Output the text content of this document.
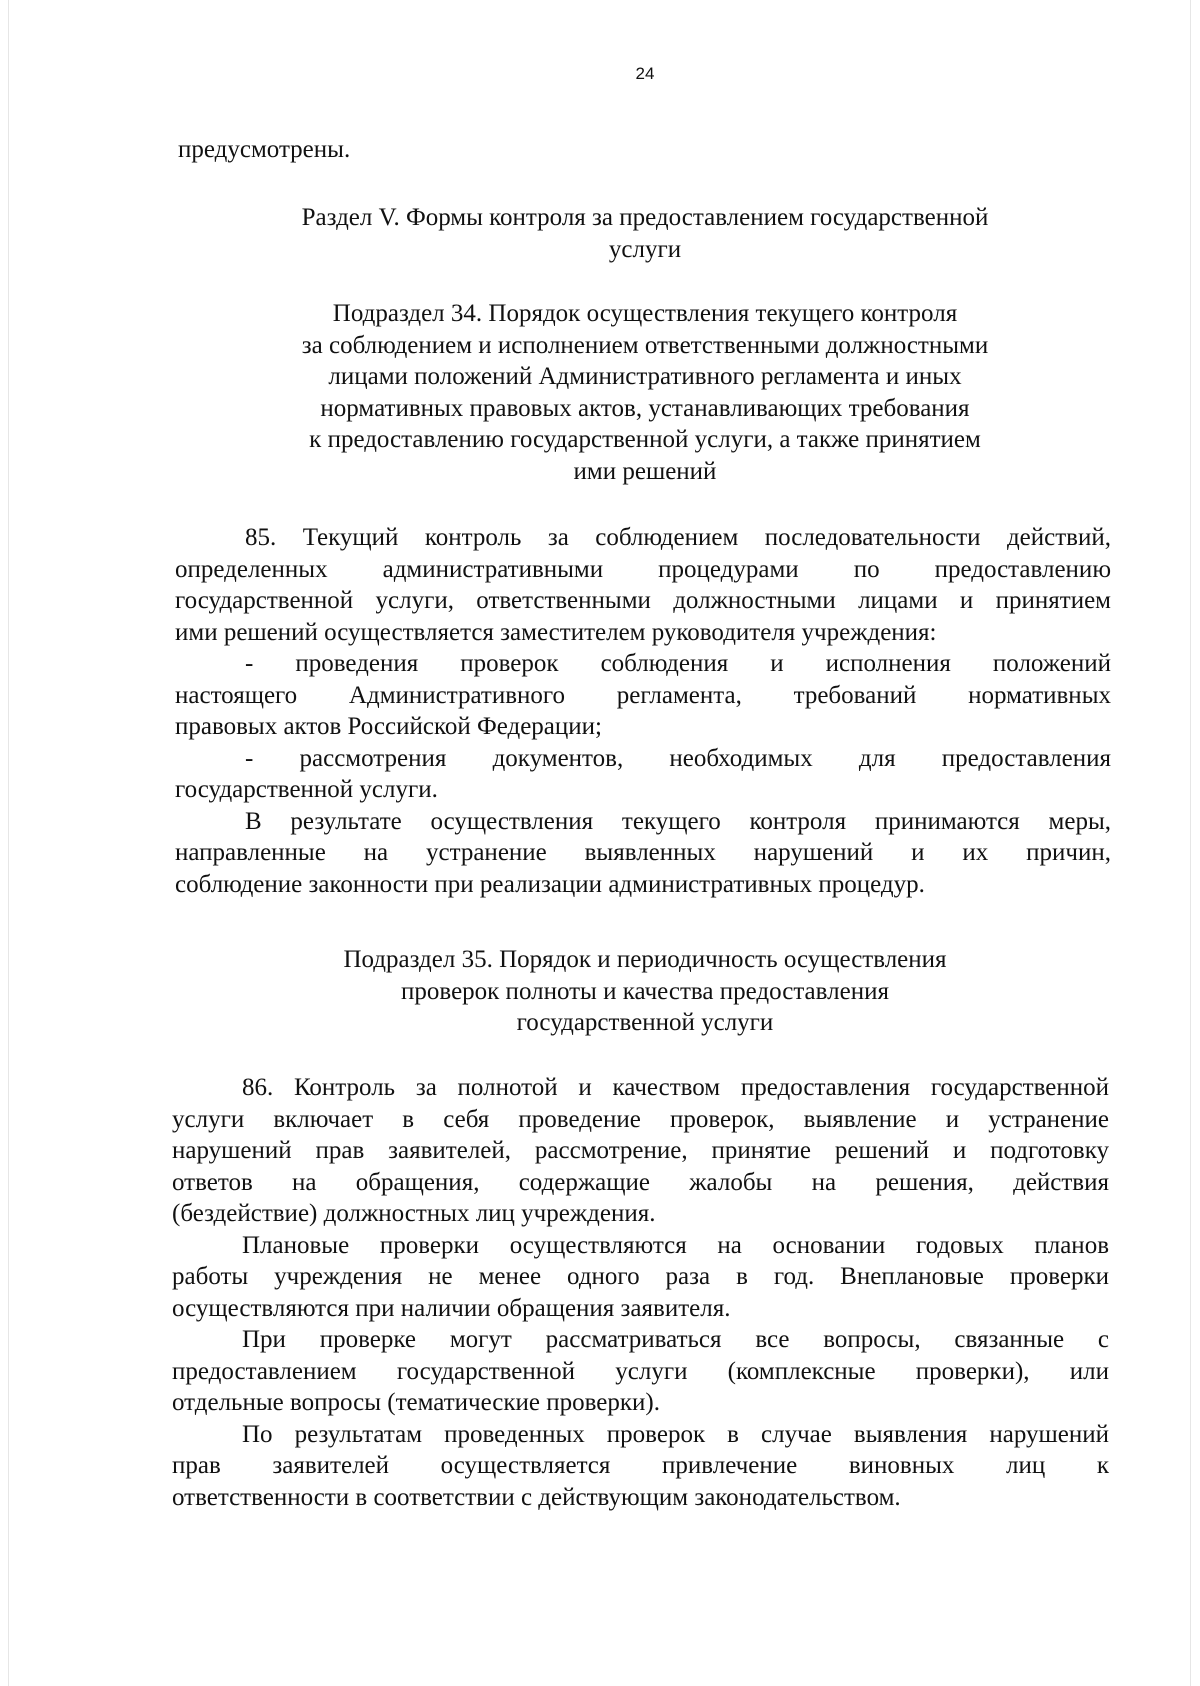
24
предусмотрены.
Раздел V. Формы контроля за предоставлением государственной
услуги
Подраздел 34. Порядок осуществления текущего контроля
за соблюдением и исполнением ответственными должностными
лицами положений Административного регламента и иных
нормативных правовых актов, устанавливающих требования
к предоставлению государственной услуги, а также принятием
ими решений
85. Текущий контроль за соблюдением последовательности действий,
определенных административными процедурами по предоставлению
государственной услуги, ответственными должностными лицами и принятием
ими решений осуществляется заместителем руководителя учреждения:
- проведения проверок соблюдения и исполнения положений
настоящего Административного регламента, требований нормативных
правовых актов Российской Федерации;
- рассмотрения документов, необходимых для предоставления
государственной услуги.
В результате осуществления текущего контроля принимаются меры,
направленные на устранение выявленных нарушений и их причин,
соблюдение законности при реализации административных процедур.
Подраздел 35. Порядок и периодичность осуществления
проверок полноты и качества предоставления
государственной услуги
86. Контроль за полнотой и качеством предоставления государственной
услуги включает в себя проведение проверок, выявление и устранение
нарушений прав заявителей, рассмотрение, принятие решений и подготовку
ответов на обращения, содержащие жалобы на решения, действия
(бездействие) должностных лиц учреждения.
Плановые проверки осуществляются на основании годовых планов
работы учреждения не менее одного раза в год. Внеплановые проверки
осуществляются при наличии обращения заявителя.
При проверке могут рассматриваться все вопросы, связанные с
предоставлением государственной услуги (комплексные проверки), или
отдельные вопросы (тематические проверки).
По результатам проведенных проверок в случае выявления нарушений
прав заявителей осуществляется привлечение виновных лиц к
ответственности в соответствии с действующим законодательством.
